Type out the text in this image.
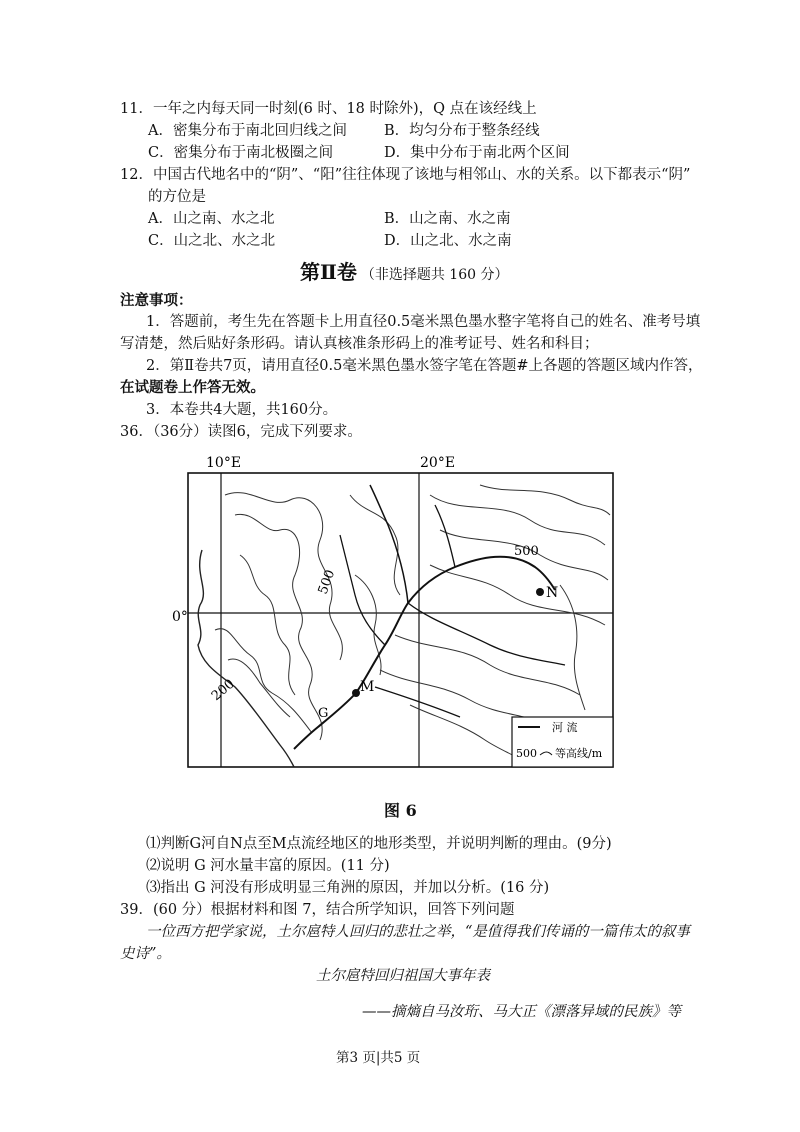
11．一年之内每天同一时刻(6 时、18 时除外)，Q 点在该经线上
A．密集分布于南北回归线之间	B．均匀分布于整条经线
C．密集分布于南北极圈之间	D．集中分布于南北两个区间
12．中国古代地名中的“阴”、“阳”往往体现了该地与相邻山、水的关系。以下都表示“阴”
的方位是
A．山之南、水之北	B．山之南、水之南
C．山之北、水之北	D．山之北、水之南
第Ⅱ卷 （非选择题共 160 分）
注意事项：
1．答题前，考生先在答题卡上用直径0.5毫米黑色墨水整字笔将自己的姓名、准考号填
写清楚，然后贴好条形码。请认真核准条形码上的准考证号、姓名和科目；
2．第Ⅱ卷共7页，请用直径0.5毫米黑色墨水签字笔在答题#上各题的答题区域内作答，
在试题卷上作答无效。
3．本卷共4大题，共160分。
36．（36分）读图6，完成下列要求。
10°E	20°E
0°
500
500
200
N
M
G
河 流
500 等高线/m
图 6
⑴判断G河自N点至M点流经地区的地形类型，并说明判断的理由。(9分)
⑵说明 G 河水量丰富的原因。(11 分)
⑶指出 G 河没有形成明显三角洲的原因，并加以分析。(16 分)
39．(60 分）根据材料和图 7，结合所学知识，回答下列问题
一位西方把学家说，土尔扈特人回归的悲壮之举，“是值得我们传诵的一篇伟太的叙事
史诗”。
土尔扈特回归祖国大事年表
——摘熵自马汝珩、马大正《漂落异域的民族》等
第3 页|共5 页
